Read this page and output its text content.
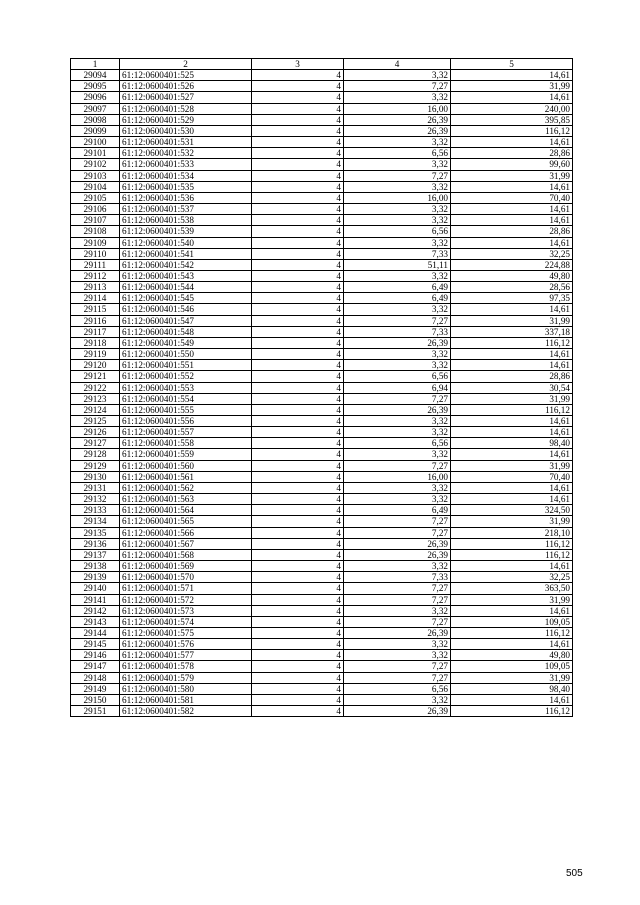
1	2	3	4	5
29094	61:12:0600401:525	4	3,32	14,61
29095	61:12:0600401:526	4	7,27	31,99
29096	61:12:0600401:527	4	3,32	14,61
29097	61:12:0600401:528	4	16,00	240,00
29098	61:12:0600401:529	4	26,39	395,85
29099	61:12:0600401:530	4	26,39	116,12
29100	61:12:0600401:531	4	3,32	14,61
29101	61:12:0600401:532	4	6,56	28,86
29102	61:12:0600401:533	4	3,32	99,60
29103	61:12:0600401:534	4	7,27	31,99
29104	61:12:0600401:535	4	3,32	14,61
29105	61:12:0600401:536	4	16,00	70,40
29106	61:12:0600401:537	4	3,32	14,61
29107	61:12:0600401:538	4	3,32	14,61
29108	61:12:0600401:539	4	6,56	28,86
29109	61:12:0600401:540	4	3,32	14,61
29110	61:12:0600401:541	4	7,33	32,25
29111	61:12:0600401:542	4	51,11	224,88
29112	61:12:0600401:543	4	3,32	49,80
29113	61:12:0600401:544	4	6,49	28,56
29114	61:12:0600401:545	4	6,49	97,35
29115	61:12:0600401:546	4	3,32	14,61
29116	61:12:0600401:547	4	7,27	31,99
29117	61:12:0600401:548	4	7,33	337,18
29118	61:12:0600401:549	4	26,39	116,12
29119	61:12:0600401:550	4	3,32	14,61
29120	61:12:0600401:551	4	3,32	14,61
29121	61:12:0600401:552	4	6,56	28,86
29122	61:12:0600401:553	4	6,94	30,54
29123	61:12:0600401:554	4	7,27	31,99
29124	61:12:0600401:555	4	26,39	116,12
29125	61:12:0600401:556	4	3,32	14,61
29126	61:12:0600401:557	4	3,32	14,61
29127	61:12:0600401:558	4	6,56	98,40
29128	61:12:0600401:559	4	3,32	14,61
29129	61:12:0600401:560	4	7,27	31,99
29130	61:12:0600401:561	4	16,00	70,40
29131	61:12:0600401:562	4	3,32	14,61
29132	61:12:0600401:563	4	3,32	14,61
29133	61:12:0600401:564	4	6,49	324,50
29134	61:12:0600401:565	4	7,27	31,99
29135	61:12:0600401:566	4	7,27	218,10
29136	61:12:0600401:567	4	26,39	116,12
29137	61:12:0600401:568	4	26,39	116,12
29138	61:12:0600401:569	4	3,32	14,61
29139	61:12:0600401:570	4	7,33	32,25
29140	61:12:0600401:571	4	7,27	363,50
29141	61:12:0600401:572	4	7,27	31,99
29142	61:12:0600401:573	4	3,32	14,61
29143	61:12:0600401:574	4	7,27	109,05
29144	61:12:0600401:575	4	26,39	116,12
29145	61:12:0600401:576	4	3,32	14,61
29146	61:12:0600401:577	4	3,32	49,80
29147	61:12:0600401:578	4	7,27	109,05
29148	61:12:0600401:579	4	7,27	31,99
29149	61:12:0600401:580	4	6,56	98,40
29150	61:12:0600401:581	4	3,32	14,61
29151	61:12:0600401:582	4	26,39	116,12
505
